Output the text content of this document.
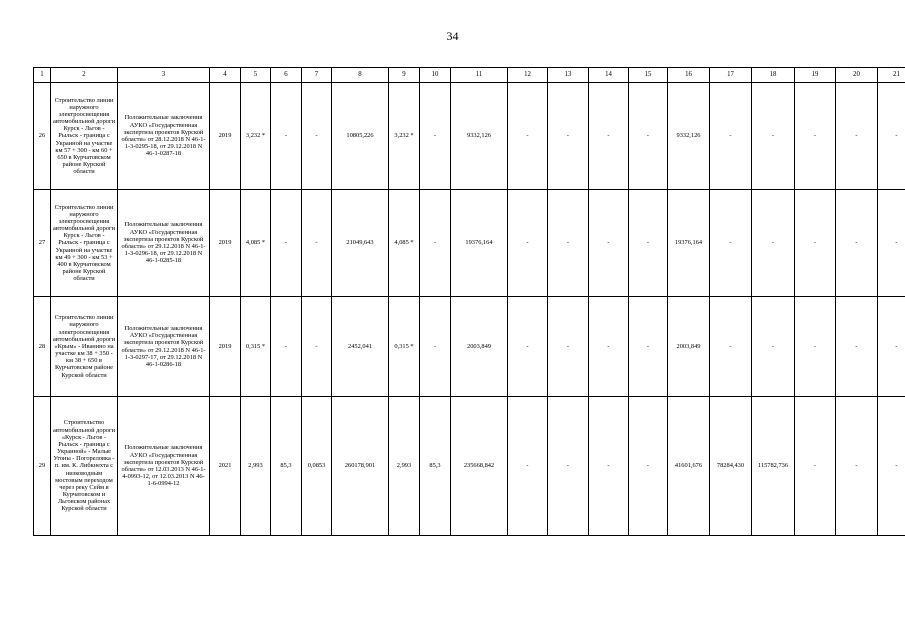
34
1	2	3	4	5	6	7	8	9	10	11	12	13	14	15	16	17	18	19	20	21
26	Строительство линии наружного электроосвещения автомобильной дороги Курск - Льгов - Рыльск - граница с Украиной на участке км 57 + 300 - км 60 + 650 в Курчатовском районе Курской области	Положительные заключения АУКО «Государственная экспертиза проектов Курской области» от 28.12.2018 N 46-1-1-3-0295-18, от 29.12.2018 N 46-1-0287-18	2019	3,232 *	-	-	10805,226	3,232 *	-	9332,126	-	-	-	-	9332,126	-	-	-	-	-
27	Строительство линии наружного электроосвещения автомобильной дороги Курск - Льгов - Рыльск - граница с Украиной на участке км 49 + 300 - км 53 + 400 в Курчатовском районе Курской области	Положительные заключения АУКО «Государственная экспертиза проектов Курской области» от 29.12.2018 N 46-1-1-3-0296-18, от 29.12.2018 N 46-1-0285-18	2019	4,085 *	-	-	21049,643	4,085 *	-	19376,164	-	-	-	-	19376,164	-	-	-	-	-
28	Строительство линии наружного электроосвещения автомобильной дороги «Крым» - Иванино на участке км 38 + 350 - км 38 + 650 в Курчатовском районе Курской области	Положительные заключения АУКО «Государственная экспертиза проектов Курской области» от 29.12.2018 N 46-1-1-3-0297-17, от 29.12.2018 N 46-1-0286-18	2019	0,315 *	-	-	2452,041	0,315 *	-	2003,849	-	-	-	-	2003,849	-	-	-	-	-
29	Строительство автомобильной дороги «Курск - Льгов - Рыльск - граница с Украиной» - Малые Угоны - Погореловка - п. им. К. Либкнехта с низководным мостовым переходом через реку Сейм в Курчатовском и Льговском районах Курской области	Положительные заключения АУКО «Государственная экспертиза проектов Курской области» от 12.03.2013 N 46-1-4-0993-12, от 12.03.2013 N 46-1-6-0994-12	2021	2,993	85,3	0,0853	260178,901	2,993	85,3	235668,842	-	-	-	-	41601,676	78284,430	115782,736	-	-	-
